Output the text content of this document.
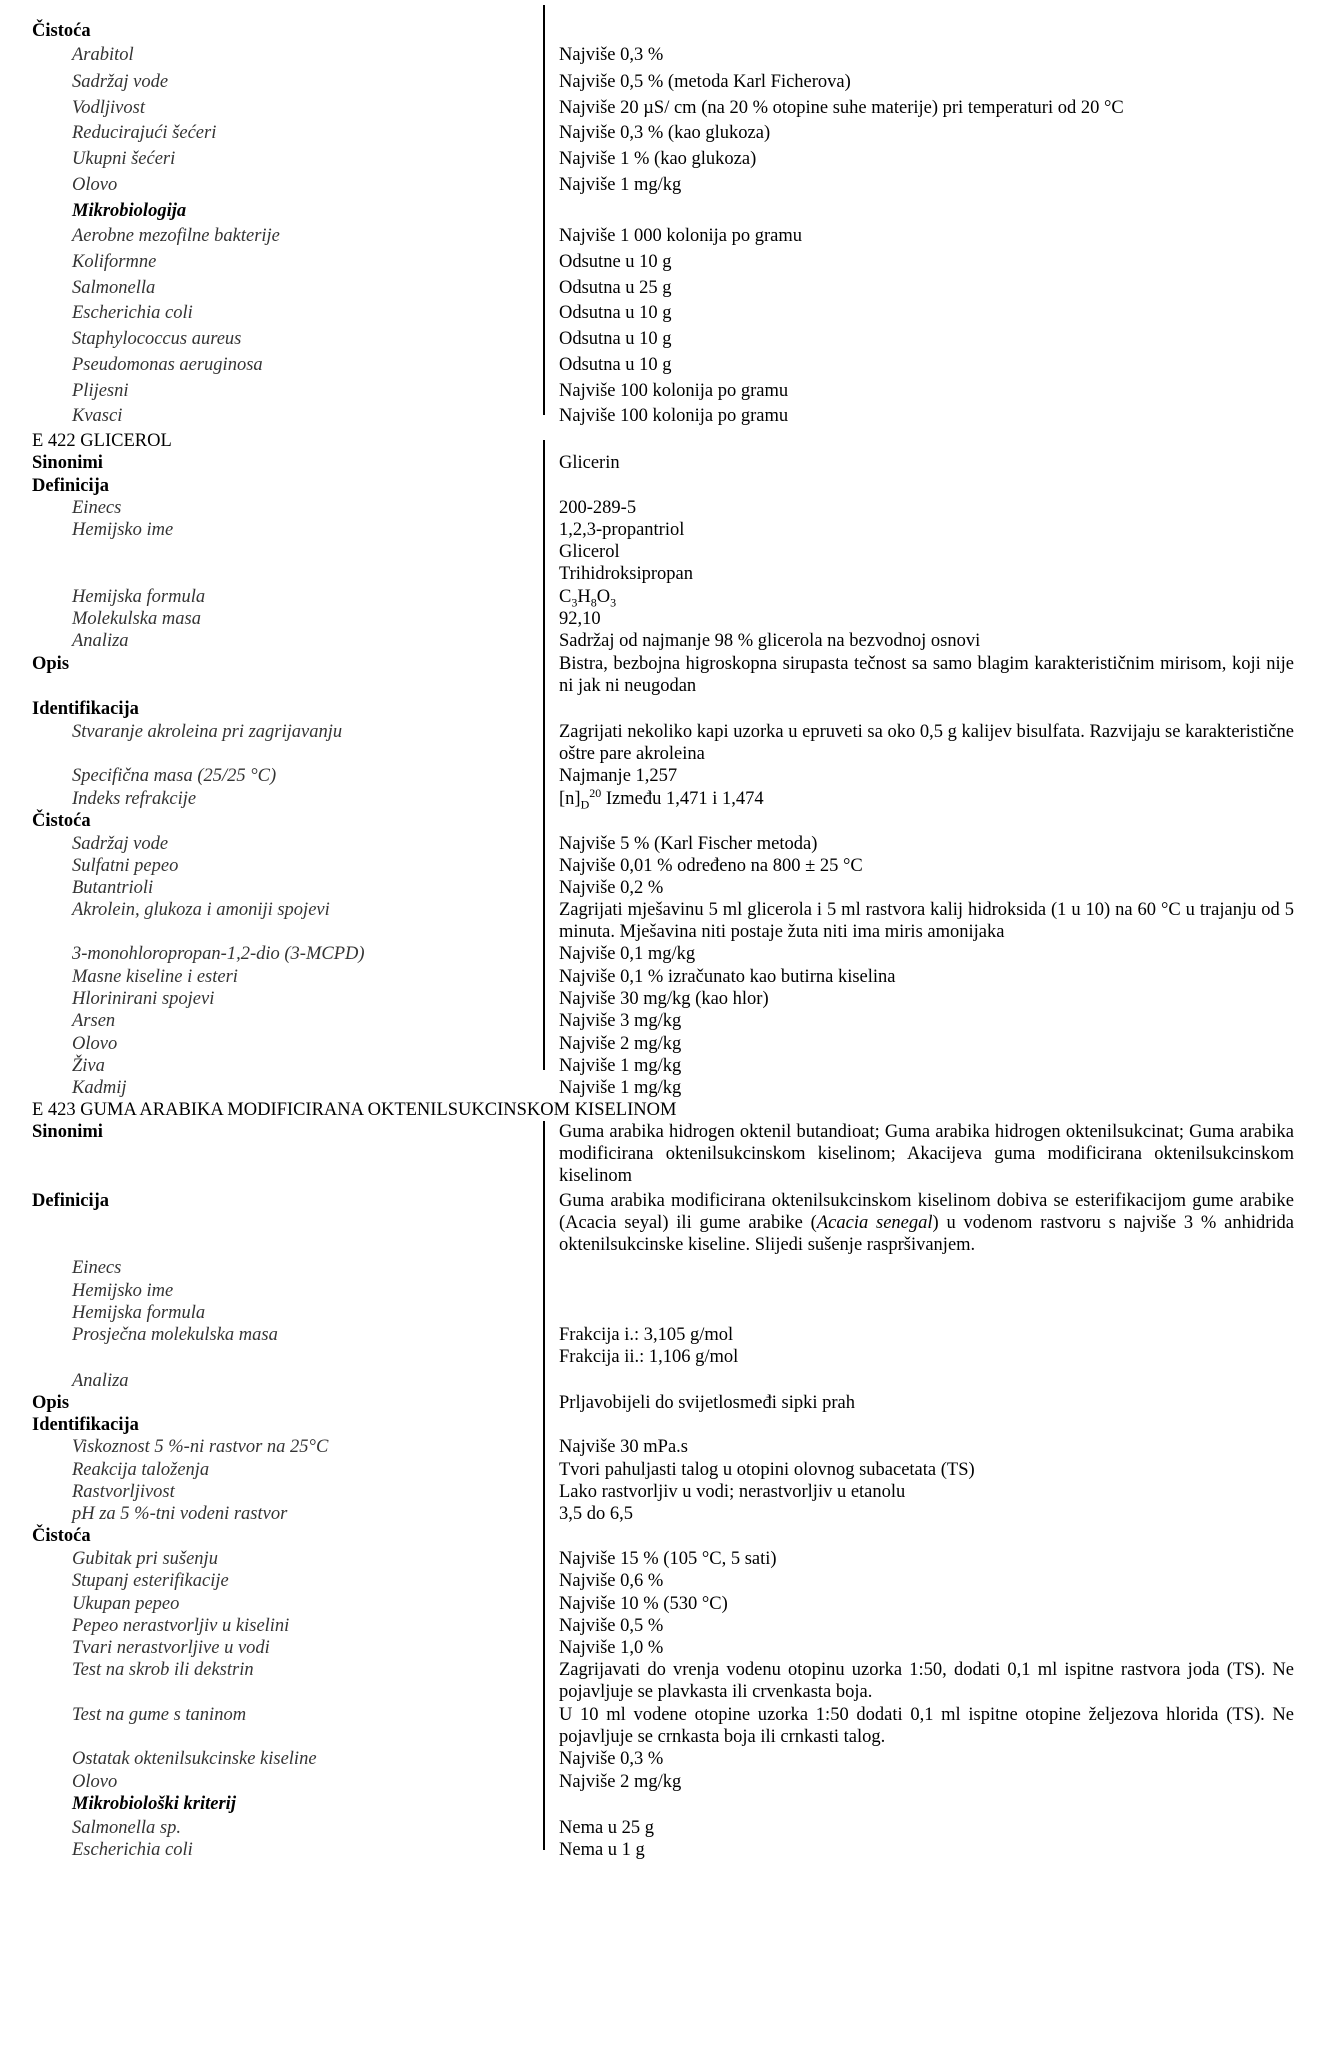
Čistoća
Arabitol	Najviše 0,3 %
Sadržaj vode	Najviše 0,5 % (metoda Karl Ficherova)
Vodljivost	Najviše 20 µS/ cm (na 20 % otopine suhe materije) pri temperaturi od 20 °C
Reducirajući šećeri	Najviše 0,3 % (kao glukoza)
Ukupni šećeri	Najviše 1 % (kao glukoza)
Olovo	Najviše 1 mg/kg
Mikrobiologija
Aerobne mezofilne bakterije	Najviše 1 000 kolonija po gramu
Koliformne	Odsutne u 10 g
Salmonella	Odsutna u 25 g
Escherichia coli	Odsutna u 10 g
Staphylococcus aureus	Odsutna u 10 g
Pseudomonas aeruginosa	Odsutna u 10 g
Plijesni	Najviše 100 kolonija po gramu
Kvasci	Najviše 100 kolonija po gramu
E 422 GLICEROL
Sinonimi	Glicerin
Definicija
Einecs	200-289-5
Hemijsko ime	1,2,3-propantriol
Glicerol
Trihidroksipropan
Hemijska formula	$C_3H_8O_3$
Molekulska masa	92,10
Analiza	Sadržaj od najmanje 98 % glicerola na bezvodnoj osnovi
Opis	Bistra, bezbojna higroskopna sirupasta tečnost sa samo blagim karakterističnim mirisom, koji nije ni jak ni neugodan
Identifikacija
Stvaranje akroleina pri zagrijavanju	Zagrijati nekoliko kapi uzorka u epruveti sa oko 0,5 g kalijev bisulfata. Razvijaju se karakteristične oštre pare akroleina
Specifična masa (25/25 °C)	Najmanje 1,257
Indeks refrakcije	$[n]_D^{20}$ Između 1,471 i 1,474
Čistoća
Sadržaj vode	Najviše 5 % (Karl Fischer metoda)
Sulfatni pepeo	Najviše 0,01 % određeno na 800 ± 25 °C
Butantrioli	Najviše 0,2 %
Akrolein, glukoza i amoniji spojevi	Zagrijati mješavinu 5 ml glicerola i 5 ml rastvora kalij hidroksida (1 u 10) na 60 °C u trajanju od 5 minuta. Mješavina niti postaje žuta niti ima miris amonijaka
3-monohloropropan-1,2-dio (3-MCPD)	Najviše 0,1 mg/kg
Masne kiseline i esteri	Najviše 0,1 % izračunato kao butirna kiselina
Hlorinirani spojevi	Najviše 30 mg/kg (kao hlor)
Arsen	Najviše 3 mg/kg
Olovo	Najviše 2 mg/kg
Živa	Najviše 1 mg/kg
Kadmij	Najviše 1 mg/kg
E 423 GUMA ARABIKA MODIFICIRANA OKTENILSUKCINSKOM KISELINOM
Sinonimi	Guma arabika hidrogen oktenil butandioat; Guma arabika hidrogen oktenilsukcinat; Guma arabika modificirana oktenilsukcinskom kiselinom; Akacijeva guma modificirana oktenilsukcinskom kiselinom
Definicija	Guma arabika modificirana oktenilsukcinskom kiselinom dobiva se esterifikacijom gume arabike (Acacia seyal) ili gume arabike (Acacia senegal) u vodenom rastvoru s najviše 3 % anhidrida oktenilsukcinske kiseline. Slijedi sušenje raspršivanjem.
Einecs
Hemijsko ime
Hemijska formula
Prosječna molekulska masa	Frakcija i.: 3,105 g/mol
Frakcija ii.: 1,106 g/mol
Analiza
Opis	Prljavobijeli do svijetlosmeđi sipki prah
Identifikacija
Viskoznost 5 %-ni rastvor na 25°C	Najviše 30 mPa.s
Reakcija taloženja	Tvori pahuljasti talog u otopini olovnog subacetata (TS)
Rastvorljivost	Lako rastvorljiv u vodi; nerastvorljiv u etanolu
pH za 5 %-tni vodeni rastvor	3,5 do 6,5
Čistoća
Gubitak pri sušenju	Najviše 15 % (105 °C, 5 sati)
Stupanj esterifikacije	Najviše 0,6 %
Ukupan pepeo	Najviše 10 % (530 °C)
Pepeo nerastvorljiv u kiselini	Najviše 0,5 %
Tvari nerastvorljive u vodi	Najviše 1,0 %
Test na skrob ili dekstrin	Zagrijavati do vrenja vodenu otopinu uzorka 1:50, dodati 0,1 ml ispitne rastvora joda (TS). Ne pojavljuje se plavkasta ili crvenkasta boja.
Test na gume s taninom	U 10 ml vodene otopine uzorka 1:50 dodati 0,1 ml ispitne otopine željezova hlorida (TS). Ne pojavljuje se crnkasta boja ili crnkasti talog.
Ostatak oktenilsukcinske kiseline	Najviše 0,3 %
Olovo	Najviše 2 mg/kg
Mikrobiološki kriterij
Salmonella sp.	Nema u 25 g
Escherichia coli	Nema u 1 g
